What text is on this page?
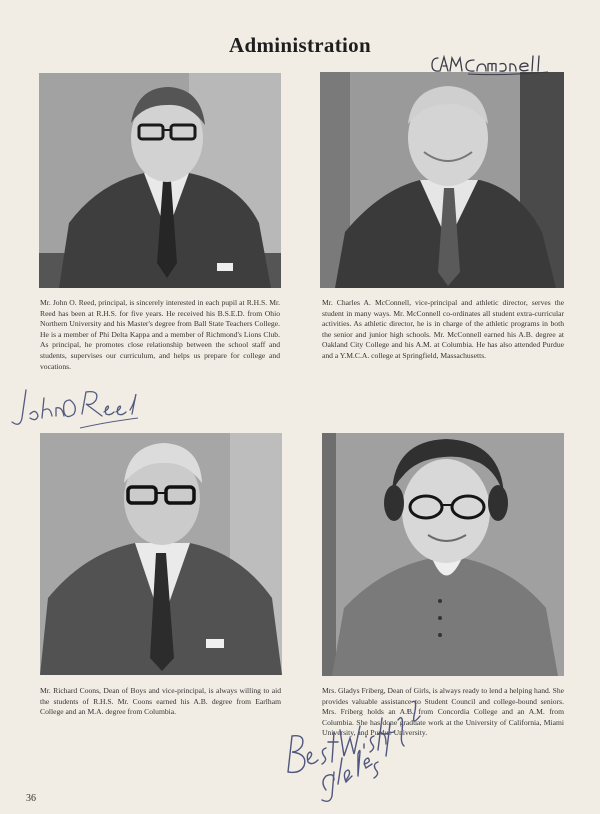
Administration
Mr. John O. Reed, principal, is sincerely interested in each pupil at R.H.S. Mr. Reed has been at R.H.S. for five years. He received his B.S.E.D. from Ohio Northern University and his Master's degree from Ball State Teachers College. He is a member of Phi Delta Kappa and a member of Richmond's Lions Club. As principal, he promotes close relationship between the school staff and students, supervises our curriculum, and helps us prepare for college and vocations.
Mr. Charles A. McConnell, vice-principal and athletic director, serves the student in many ways. Mr. McConnell co-ordinates all student extra-curricular activities. As athletic director, he is in charge of the athletic programs in both the senior and junior high schools. Mr. McConnell earned his A.B. degree at Oakland City College and his A.M. at Columbia. He has also attended Purdue and a Y.M.C.A. college at Springfield, Massachusetts.
Mr. Richard Coons, Dean of Boys and vice-principal, is always willing to aid the students of R.H.S. Mr. Coons earned his A.B. degree from Earlham College and an M.A. degree from Columbia.
Mrs. Gladys Friberg, Dean of Girls, is always ready to lend a helping hand. She provides valuable assistance to Student Council and college-bound seniors. Mrs. Friberg holds an A.B. from Concordia College and an A.M. from Columbia. She has done graduate work at the University of California, Miami University, and Purdue University.
36
